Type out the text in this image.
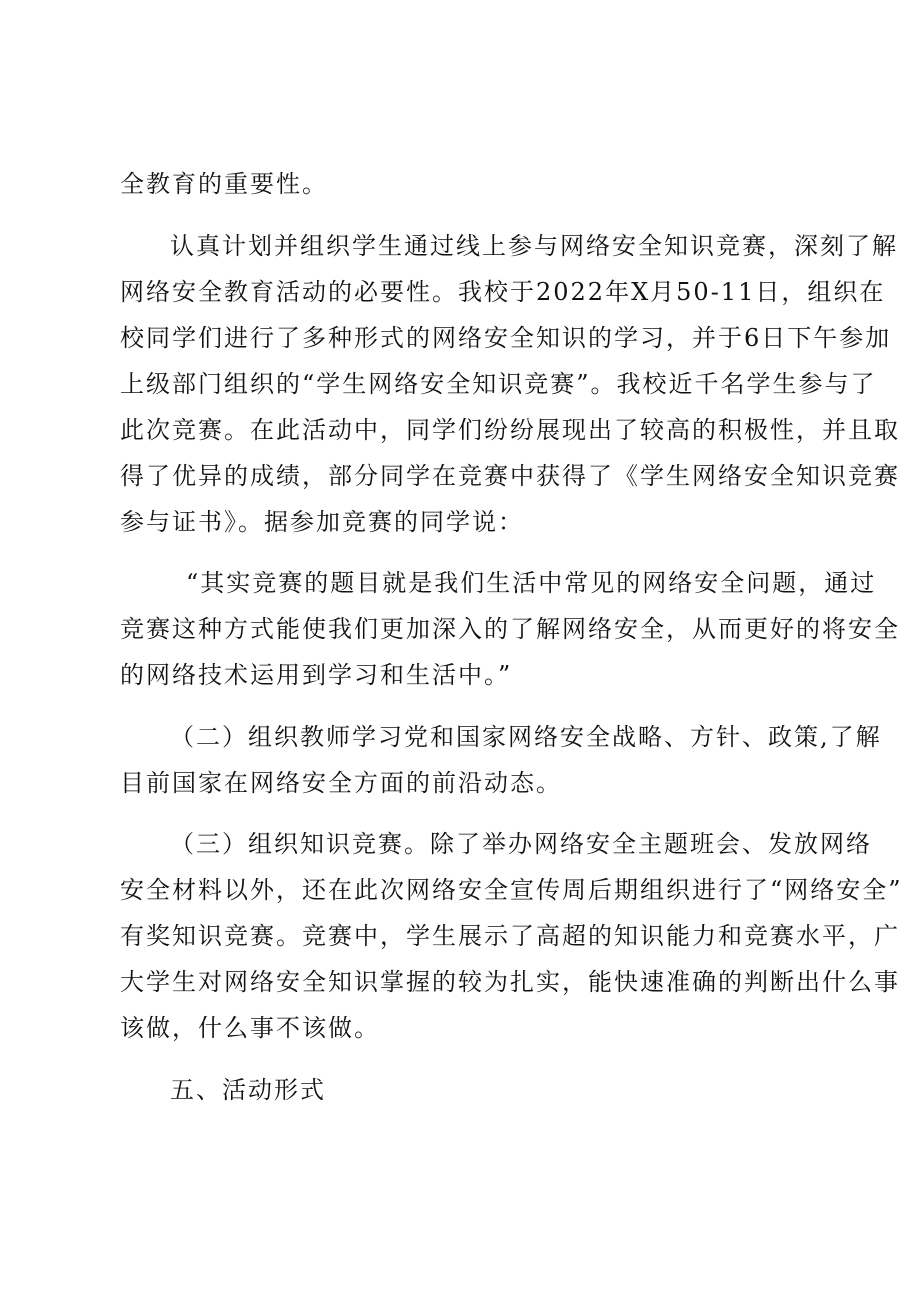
全教育的重要性。
认真计划并组织学生通过线上参与网络安全知识竞赛，深刻了解
网络安全教育活动的必要性。我校于2022年X月50-11日，组织在
校同学们进行了多种形式的网络安全知识的学习，并于6日下午参加
上级部门组织的“学生网络安全知识竞赛”。我校近千名学生参与了
此次竞赛。在此活动中，同学们纷纷展现出了较高的积极性，并且取
得了优异的成绩，部分同学在竞赛中获得了《学生网络安全知识竞赛
参与证书》。据参加竞赛的同学说：
“其实竞赛的题目就是我们生活中常见的网络安全问题，通过
竞赛这种方式能使我们更加深入的了解网络安全，从而更好的将安全
的网络技术运用到学习和生活中。”
（二）组织教师学习党和国家网络安全战略、方针、政策,了解
目前国家在网络安全方面的前沿动态。
（三）组织知识竞赛。除了举办网络安全主题班会、发放网络
安全材料以外，还在此次网络安全宣传周后期组织进行了“网络安全”
有奖知识竞赛。竞赛中，学生展示了高超的知识能力和竞赛水平，广
大学生对网络安全知识掌握的较为扎实，能快速准确的判断出什么事
该做，什么事不该做。
五、活动形式
